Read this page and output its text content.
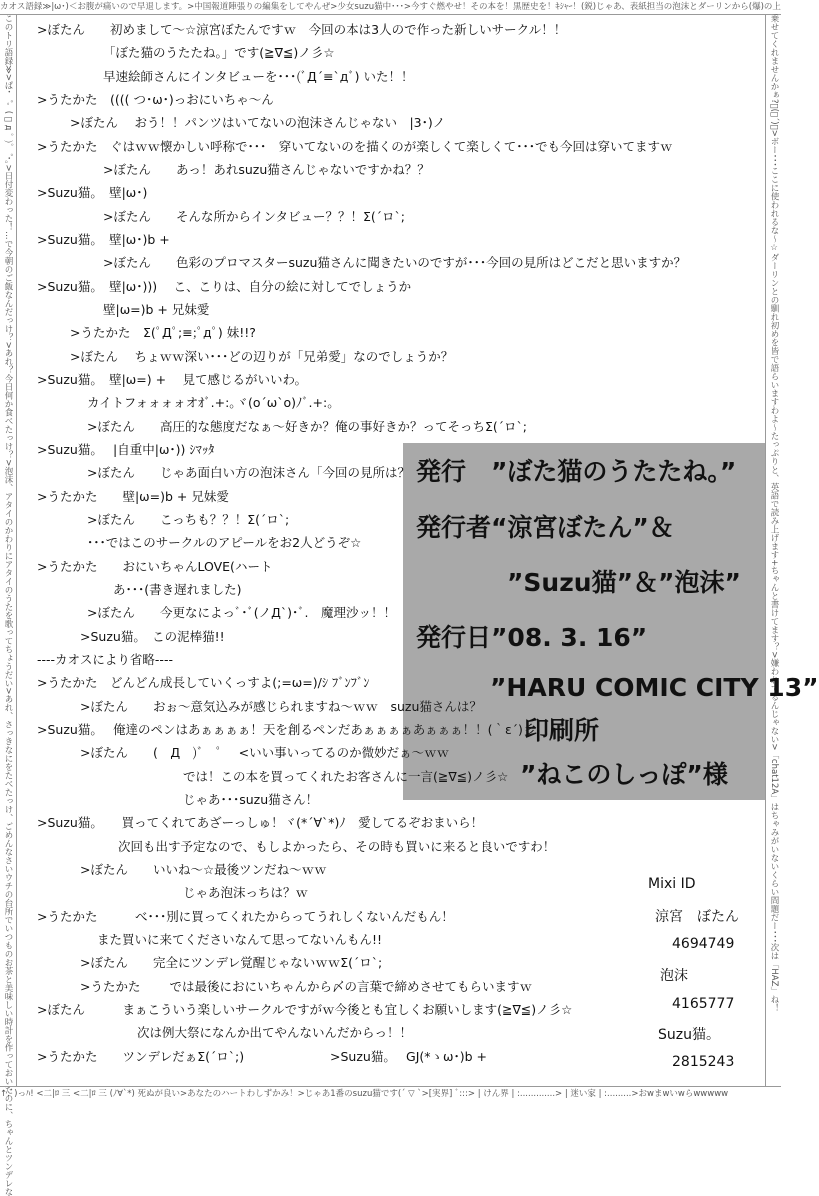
カオス語録≫|ω･)＜お腹が痛いので早退します。>中国報道陣張りの編集をしてやんぜ>少女suzu猫中･･･>今すぐ燃やせ！その本を！黒歴史を！ｷｼｬｰ！(鋭)じゃあ、表紙担当の泡沫とダーリンから(爆)の上
このトリ語録≫>ぱ･゜ﾟ( ﾟ д ﾟ )ﾟ゜･｡>日付変わった！…で今朝のご飯なんだっけ？>あれ？今日何か食べたっけ？>泡沫、アタイのかわりにアタイのうたを歌ってちょうだい>あれ、さっきなにをたべたっけ、ごめんなさいウチの台所でいつものお茶と美味しい時計を作っておいたのに、ちゃんとツンデレな	乗せてくれませんかぁ?ﾞ(ｰ´)ﾞ>ボー･･･ここに使われるな～☆ダーリンとの馴れ初めを皆で語らいますわよ～たっぷりと、英語で読み上げます+ちゃんと書けてます？>嫌われてるんじゃない>「chat12A」はちゃみがいないくらい問題だー･･･次は「HAZ」ね！
↑;ﾞ)っﾊ! <二|ﾛ 三 <二|ﾛ 三 (ﾉ∀`*) 死ぬが良い>あなたのハートわしずかみ！>じゃあ1番のsuzu猫です(´ ▽ `>[実界] ﾞ:::> | けん界 | :.............> | 迷い家 | :.........>おwまwいwらwwwww
>ぼたん　　初めまして～☆涼宮ぼたんですｗ　今回の本は3人ので作った新しいサークル！！
「ぼた猫のうたたね。」です(≧∇≦)ノ彡☆
早速絵師さんにインタビューを･･･(ﾞД´≡`дﾞ) いた！！
>うたかた　(((( つ･ω･)っおにいちゃ～ん
>ぼたん　 おう！！パンツはいてないの泡沫さんじゃない　|3･)ノ
>うたかた　ぐはｗｗ懐かしい呼称で･･･　穿いてないのを描くのが楽しくて楽しくて･･･でも今回は穿いてますｗ
>ぼたん　　あっ！あれsuzu猫さんじゃないですかね？？
>Suzu猫。　壁|ω･)
>ぼたん　　そんな所からインタビュー？？！Σ(´ロ`;
>Suzu猫。　壁|ω･)b +
>ぼたん　　色彩のプロマスターsuzu猫さんに聞きたいのですが･･･今回の見所はどこだと思いますか？
>Suzu猫。　壁|ω･))) 　こ、こりは、自分の絵に対してでしょうか
壁|ω=)b + 兄妹愛
>うたかた　Σ(ﾟДﾟ;≡;ﾟдﾟ) 妹!!?
>ぼたん　 ちょｗｗ深い･･･どの辺りが「兄弟愛」なのでしょうか？
>Suzu猫。　壁|ω=) + 　見て感じるがいいわ。
カイトフォォォォオｵﾞ.+:｡ヾ(o´ω`o)ﾉﾞ.+:｡
>ぼたん　　高圧的な態度だなぁ～好きか？俺の事好きか？ってそっちΣ(´ロ`;
>Suzu猫。　 |自重中|ω･)) ｼﾏｯﾀ
>ぼたん　　じゃあ面白い方の泡沫さん「今回の見所は？
>うたかた　　壁|ω=)b + 兄妹愛
>ぼたん　　こっちも？？！Σ(´ロ`;
･･･ではこのサークルのアピールをお2人どうぞ☆
>うたかた　　おにいちゃんLOVE(ハート
あ･･･(書き遅れました)
>ぼたん　　今更なによっﾞ･ﾞ(ノД`)･ﾞ.　魔理沙ッ！！
>Suzu猫。　この泥棒猫!!
----カオスにより省略----
>うたかた　どんどん成長していくっすよ(;=ω=)/ｼ ﾌﾞﾝﾌﾞﾝ
>ぼたん　　おぉ～意気込みが感じられますね～ｗｗ　suzu猫さんは？
>Suzu猫。　 俺達のペンはあぁぁぁぁ！天を創るペンだあぁぁぁぁあぁぁぁ！！(｀ε´)彡
>ぼたん　　(　Д　)ﾞ　ﾟ　 <いい事いってるのか微妙だぁ～ｗｗ
では！この本を買ってくれたお客さんに一言(≧∇≦)ノ彡☆
じゃあ･･･suzu猫さん！
>Suzu猫。　　買ってくれてあざーっしゅ！ヾ(*´∀`*)ﾉ　愛してるぞおまいら！
次回も出す予定なので、もしよかったら、その時も買いに来ると良いですわ！
>ぼたん　　いいね～☆最後ツンだね～ｗｗ
じゃあ泡沫っちは？ｗ
>うたかた　　　べ･･･別に買ってくれたからってうれしくないんだもん！
また買いに来てくださいなんて思ってないんもん!!
>ぼたん　　完全にツンデレ覚醒じゃないｗｗΣ(´ロ`;
>うたかた　　 では最後におにいちゃんから〆の言葉で締めさせてもらいますｗ
>ぼたん　　　まぁこういう楽しいサークルですがｗ今後とも宜しくお願いします(≧∇≦)ノ彡☆
次は例大祭になんか出てやんないんだからっ！！
>うたかた　　ツンデレだぁΣ(´ロ`;)	>Suzu猫。　 GJ(*ゝω･)b +
発行　”ぼた猫のうたたね。”
発行者“涼宮ぼたん”＆
”Suzu猫”＆”泡沫”
発行日”08. 3. 16”
”HARU COMIC CITY 13”
印刷所
”ねこのしっぽ”様
Mixi ID
涼宮　ぼたん
4694749
泡沫
4165777
Suzu猫。
2815243
